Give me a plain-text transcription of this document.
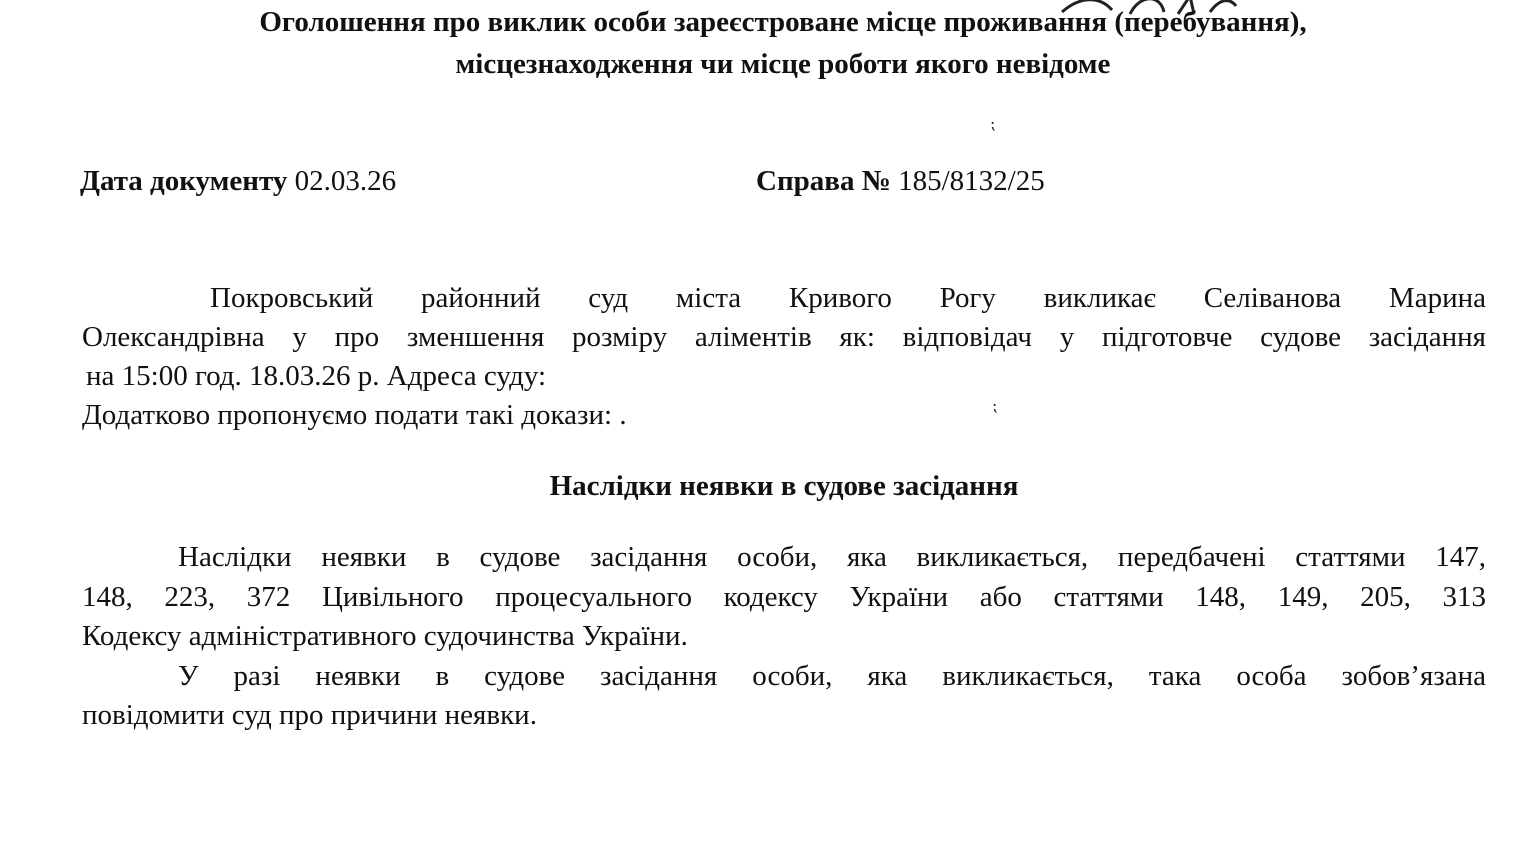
Оголошення про виклик особи зареєстроване місце проживання (перебування),
місцезнаходження чи місце роботи якого невідоме
⁏
Дата документу 02.03.26	Справа № 185/8132/25
Покровський районний суд міста Кривого Рогу викликає Селіванова Марина
Олександрівна у про зменшення розміру аліментів як: відповідач у підготовче судове засідання
на 15:00 год. 18.03.26 р. Адреса суду:
Додатково пропонуємо подати такі докази: .	⁏
Наслідки неявки в судове засідання
Наслідки неявки в судове засідання особи, яка викликається, передбачені статтями 147,
148, 223, 372 Цивільного процесуального кодексу України або статтями 148, 149, 205, 313
Кодексу адміністративного судочинства України.
У разі неявки в судове засідання особи, яка викликається, така особа зобов’язана
повідомити суд про причини неявки.
